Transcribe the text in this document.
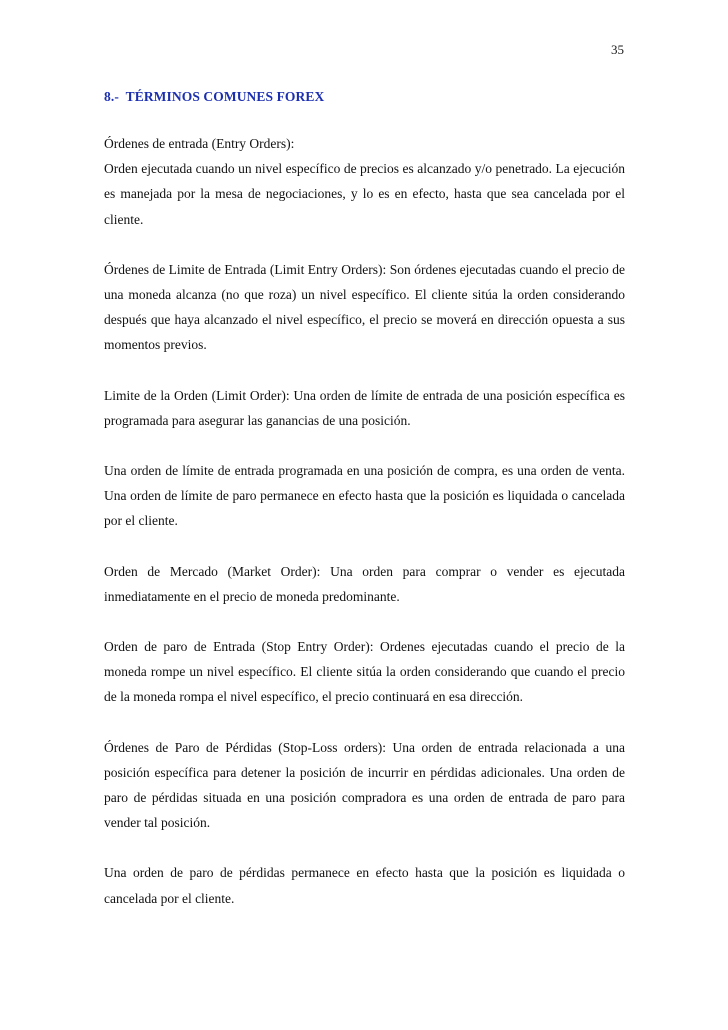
35
8.-  TÉRMINOS COMUNES FOREX

Órdenes de entrada (Entry Orders):
Orden ejecutada cuando un nivel específico de precios es alcanzado y/o penetrado. La ejecución es manejada por la mesa de negociaciones, y lo es en efecto, hasta que sea cancelada por el cliente.

Órdenes de Limite de Entrada (Limit Entry Orders): Son órdenes ejecutadas cuando el precio de una moneda alcanza (no que roza) un nivel específico. El cliente sitúa la orden considerando después que haya alcanzado el nivel específico, el precio se moverá en dirección opuesta a sus momentos previos.

Limite de la Orden (Limit Order): Una orden de límite de entrada de una posición específica es programada para asegurar las ganancias de una posición.

Una orden de límite de entrada programada en una posición de compra, es una orden de venta. Una orden de límite de paro permanece en efecto hasta que la posición es liquidada o cancelada por el cliente.

Orden de Mercado (Market Order): Una orden para comprar o vender es ejecutada inmediatamente en el precio de moneda predominante.

Orden de paro de Entrada (Stop Entry Order): Ordenes ejecutadas cuando el precio de la moneda rompe un nivel específico. El cliente sitúa la orden considerando que cuando el precio de la moneda rompa el nivel específico, el precio continuará en esa dirección.

Órdenes de Paro de Pérdidas (Stop-Loss orders): Una orden de entrada relacionada a una posición específica para detener la posición de incurrir en pérdidas adicionales. Una orden de paro de pérdidas situada en una posición compradora es una orden de entrada de paro para vender tal posición.

Una orden de paro de pérdidas permanece en efecto hasta que la posición es liquidada o cancelada por el cliente.
